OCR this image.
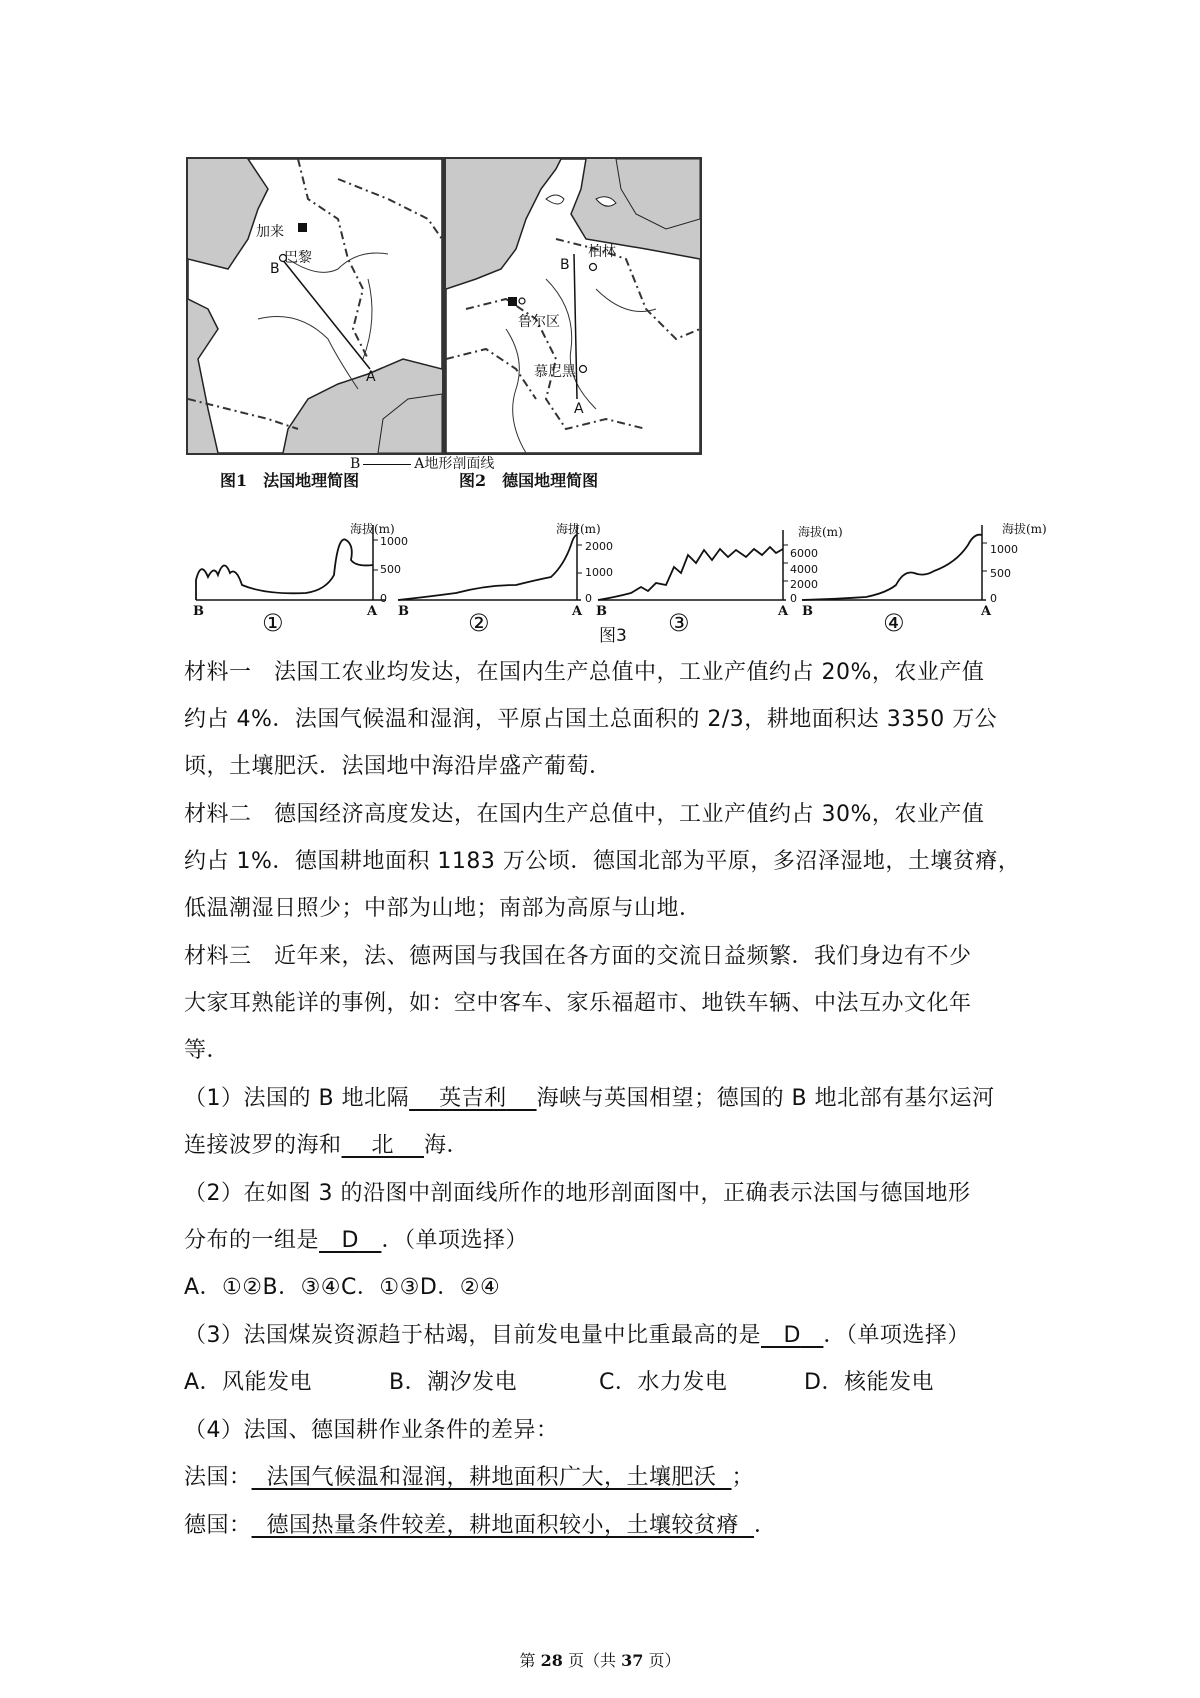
加来
巴黎
B
A
柏林
鲁尔区
慕尼黑
B
A
B	A地形剖面线
图1　法国地理简图	图2　德国地理简图
海拔(m)
1000
500
0
B	A
①
海拔(m)
2000
1000
0
B	A
②
海拔(m)
6000
4000
2000
0
B	A
③
海拔(m)
1000
500
0
B	A
④
图3
材料一　法国工农业均发达，在国内生产总值中，工业产值约占 20%，农业产值
约占 4%．法国气候温和湿润，平原占国土总面积的 2/3，耕地面积达 3350 万公
顷，土壤肥沃．法国地中海沿岸盛产葡萄．
材料二　德国经济高度发达，在国内生产总值中，工业产值约占 30%，农业产值
约占 1%．德国耕地面积 1183 万公顷．德国北部为平原，多沼泽湿地，土壤贫瘠，
低温潮湿日照少；中部为山地；南部为高原与山地．
材料三　近年来，法、德两国与我国在各方面的交流日益频繁．我们身边有不少
大家耳熟能详的事例，如：空中客车、家乐福超市、地铁车辆、中法互办文化年
等．
（1）法国的 B 地北隔 英吉利 海峡与英国相望；德国的 B 地北部有基尔运河
连接波罗的海和 北 海．
（2）在如图 3 的沿图中剖面线所作的地形剖面图中，正确表示法国与德国地形
分布的一组是 D ．（单项选择）
A．①②B．③④C．①③D．②④
（3）法国煤炭资源趋于枯竭，目前发电量中比重最高的是 D ．（单项选择）
A．风能发电	B．潮汐发电	C．水力发电	D．核能发电
（4）法国、德国耕作业条件的差异：
法国： 法国气候温和湿润，耕地面积广大，土壤肥沃 ；
德国： 德国热量条件较差，耕地面积较小，土壤较贫瘠 ．
第 28 页（共 37 页）
